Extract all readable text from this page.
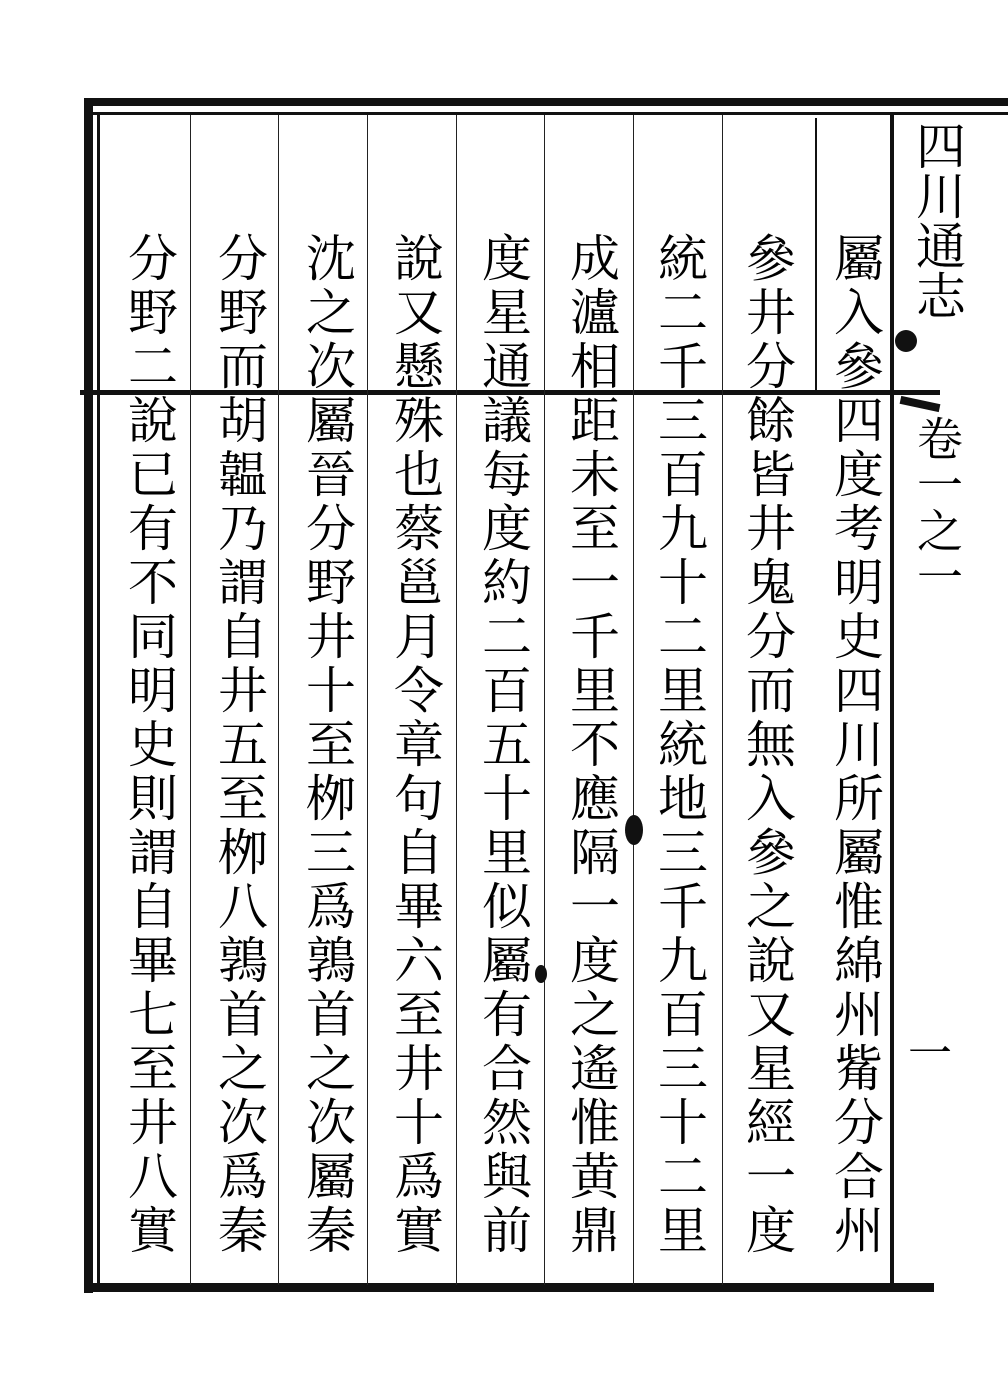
四川通志
卷一之一
一
屬入參四度考明史四川所屬惟綿州觜分合州
參井分餘皆井鬼分而無入參之說又星經一度
統二千三百九十二里統地三千九百三十二里
成瀘相距未至一千里不應隔一度之遙惟黄鼎
度星通議每度約二百五十里似屬有合然與前
說又懸殊也蔡邕月令章句自畢六至井十爲實
沈之次屬晉分野井十至栁三爲鶉首之次屬秦
分野而胡韞乃謂自井五至栁八鶉首之次爲秦
分野二說已有不同明史則謂自畢七至井八實
